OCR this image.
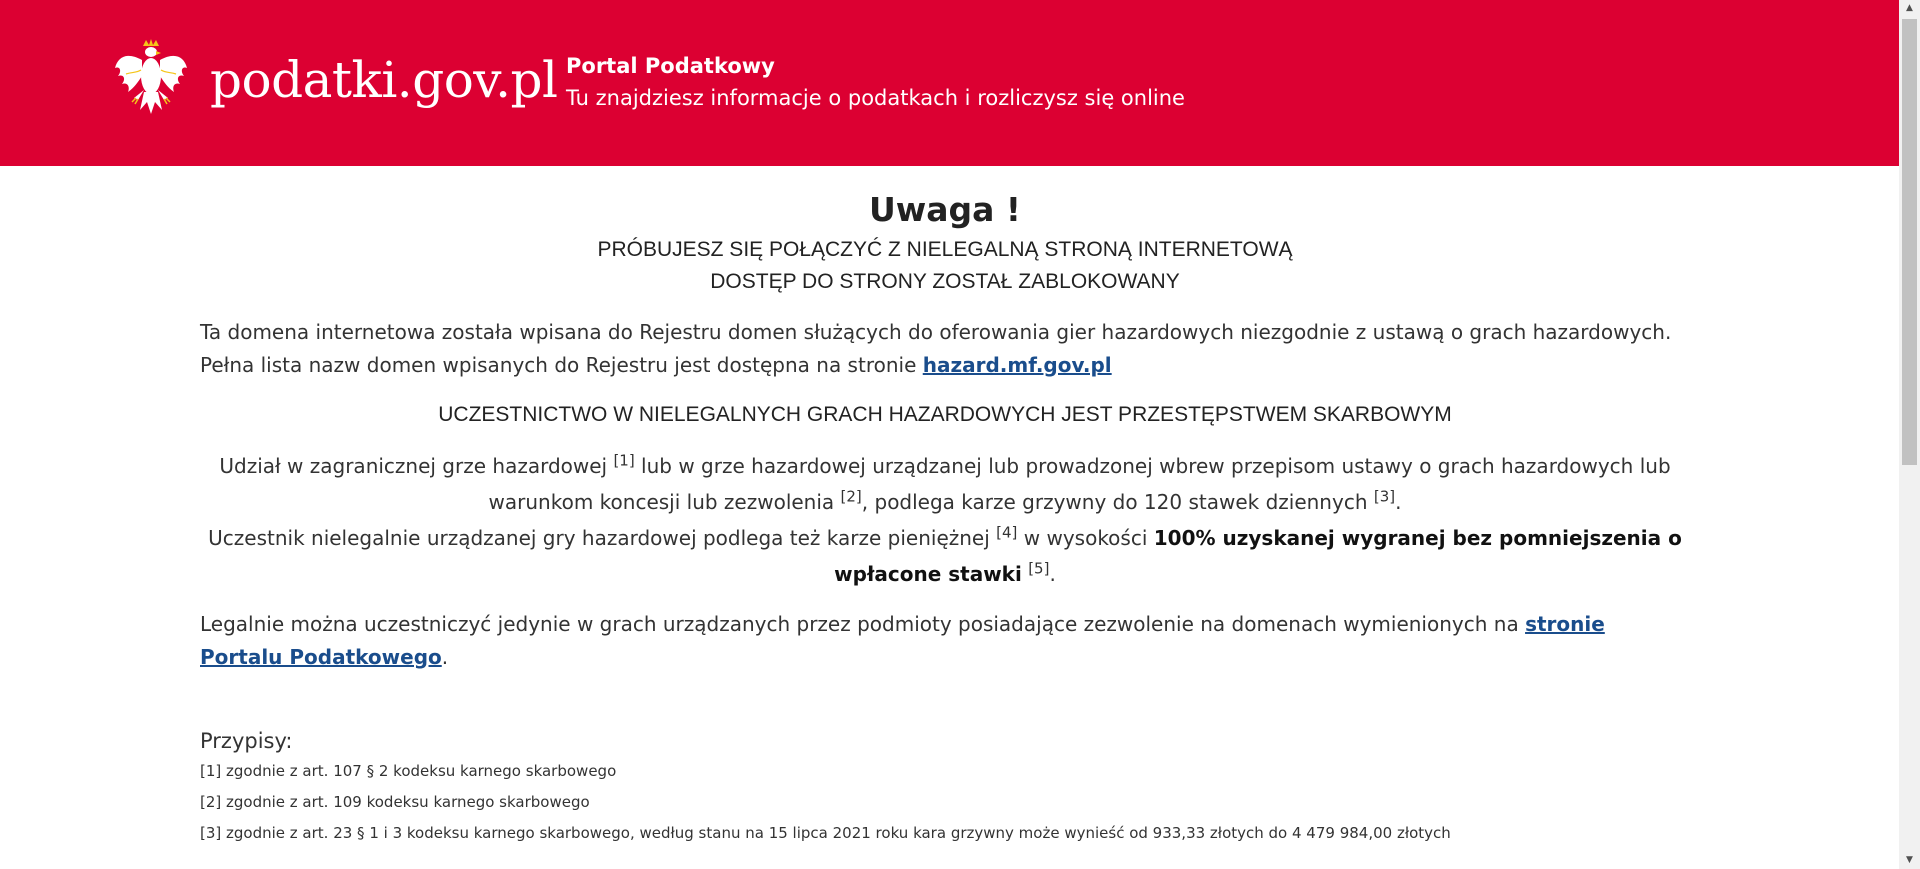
podatki.gov.pl Portal Podatkowy
Tu znajdziesz informacje o podatkach i rozliczysz się online
Uwaga !
PRÓBUJESZ SIĘ POŁĄCZYĆ Z NIELEGALNĄ STRONĄ INTERNETOWĄ
DOSTĘP DO STRONY ZOSTAŁ ZABLOKOWANY
Ta domena internetowa została wpisana do Rejestru domen służących do oferowania gier hazardowych niezgodnie z ustawą o grach hazardowych.
Pełna lista nazw domen wpisanych do Rejestru jest dostępna na stronie hazard.mf.gov.pl
UCZESTNICTWO W NIELEGALNYCH GRACH HAZARDOWYCH JEST PRZESTĘPSTWEM SKARBOWYM
Udział w zagranicznej grze hazardowej [1] lub w grze hazardowej urządzanej lub prowadzonej wbrew przepisom ustawy o grach hazardowych lub warunkom koncesji lub zezwolenia [2], podlega karze grzywny do 120 stawek dziennych [3].
Uczestnik nielegalnie urządzanej gry hazardowej podlega też karze pieniężnej [4] w wysokości 100% uzyskanej wygranej bez pomniejszenia o wpłacone stawki [5].
Legalnie można uczestniczyć jedynie w grach urządzanych przez podmioty posiadające zezwolenie na domenach wymienionych na stronie Portalu Podatkowego.
Przypisy:
[1] zgodnie z art. 107 § 2 kodeksu karnego skarbowego
[2] zgodnie z art. 109 kodeksu karnego skarbowego
[3] zgodnie z art. 23 § 1 i 3 kodeksu karnego skarbowego, według stanu na 15 lipca 2021 roku kara grzywny może wynieść od 933,33 złotych do 4 479 984,00 złotych
▲
▼
